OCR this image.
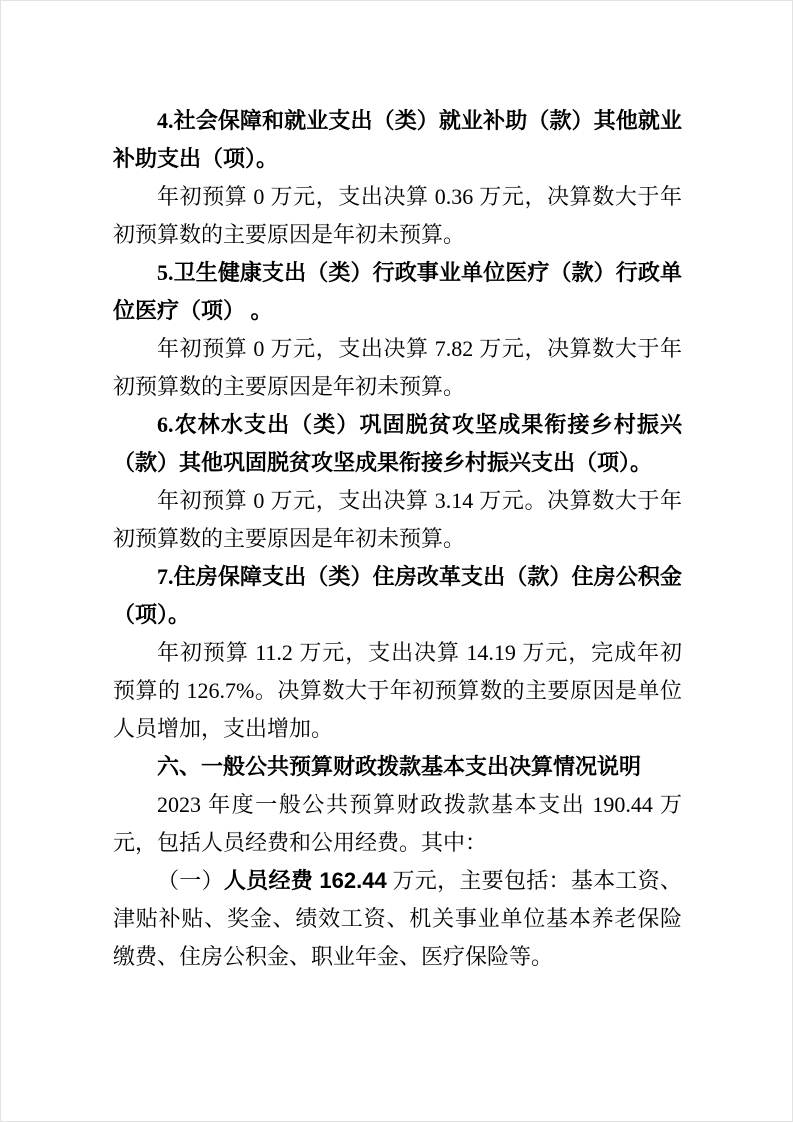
4.社会保障和就业支出（类）就业补助（款）其他就业补助支出（项）。

年初预算 0 万元，支出决算 0.36 万元，决算数大于年初预算数的主要原因是年初未预算。

5.卫生健康支出（类）行政事业单位医疗（款）行政单位医疗（项） 。

年初预算 0 万元，支出决算 7.82 万元，决算数大于年初预算数的主要原因是年初未预算。

6.农林水支出（类）巩固脱贫攻坚成果衔接乡村振兴（款）其他巩固脱贫攻坚成果衔接乡村振兴支出（项）。

年初预算 0 万元，支出决算 3.14 万元。决算数大于年初预算数的主要原因是年初未预算。

7.住房保障支出（类）住房改革支出（款）住房公积金（项）。

年初预算 11.2 万元，支出决算 14.19 万元，完成年初预算的 126.7%。决算数大于年初预算数的主要原因是单位人员增加，支出增加。

六、一般公共预算财政拨款基本支出决算情况说明

2023 年度一般公共预算财政拨款基本支出 190.44 万元，包括人员经费和公用经费。其中：

（一）人员经费 162.44 万元，主要包括：基本工资、津贴补贴、奖金、绩效工资、机关事业单位基本养老保险缴费、住房公积金、职业年金、医疗保险等。
